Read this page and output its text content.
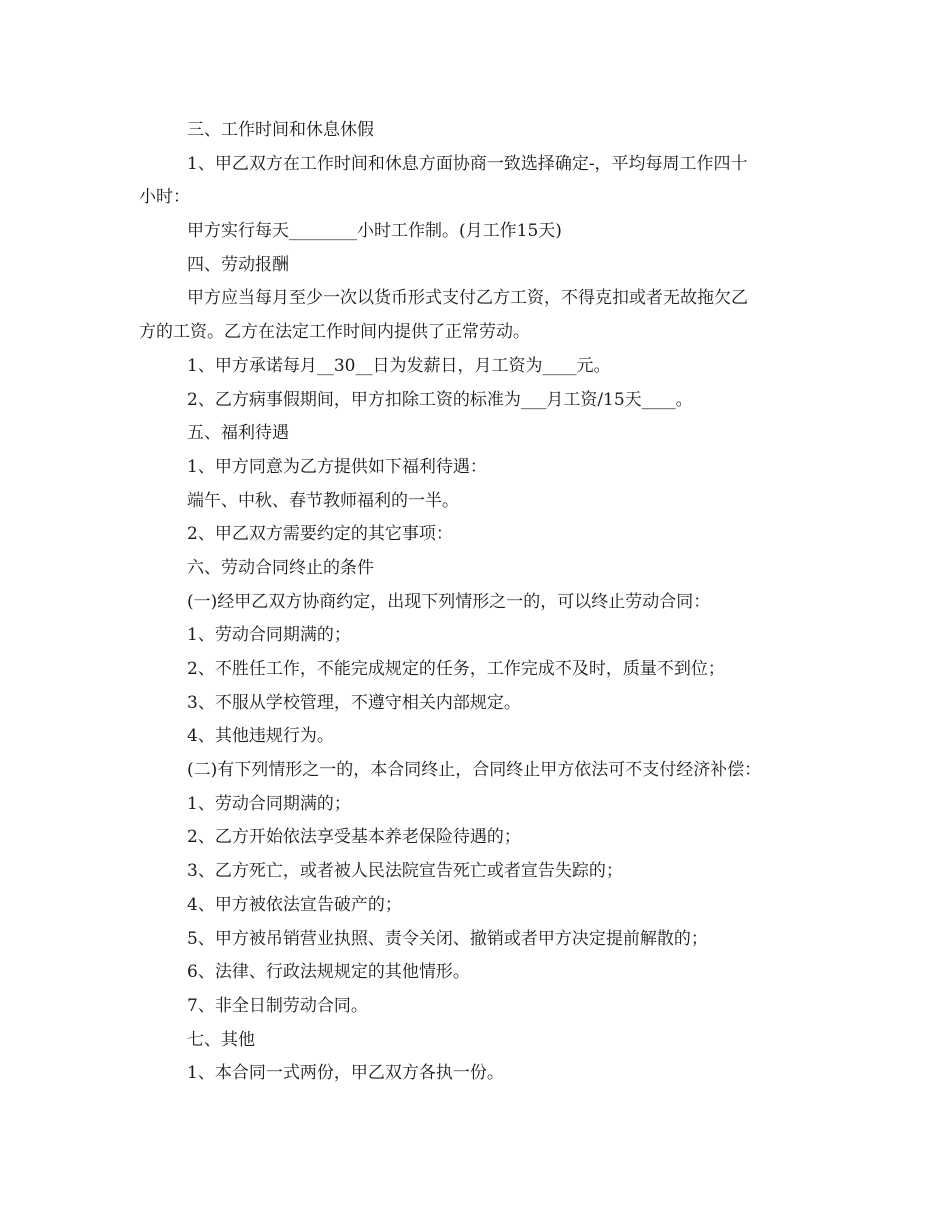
三、工作时间和休息休假
1、甲乙双方在工作时间和休息方面协商一致选择确定-，平均每周工作四十
小时：
甲方实行每天________小时工作制。(月工作15天)
四、劳动报酬
甲方应当每月至少一次以货币形式支付乙方工资，不得克扣或者无故拖欠乙
方的工资。乙方在法定工作时间内提供了正常劳动。
1、甲方承诺每月__30__日为发薪日，月工资为____元。
2、乙方病事假期间，甲方扣除工资的标准为___月工资/15天____。
五、福利待遇
1、甲方同意为乙方提供如下福利待遇：
端午、中秋、春节教师福利的一半。
2、甲乙双方需要约定的其它事项：
六、劳动合同终止的条件
(一)经甲乙双方协商约定，出现下列情形之一的，可以终止劳动合同：
1、劳动合同期满的；
2、不胜任工作，不能完成规定的任务，工作完成不及时，质量不到位；
3、不服从学校管理，不遵守相关内部规定。
4、其他违规行为。
(二)有下列情形之一的，本合同终止，合同终止甲方依法可不支付经济补偿：
1、劳动合同期满的；
2、乙方开始依法享受基本养老保险待遇的；
3、乙方死亡，或者被人民法院宣告死亡或者宣告失踪的；
4、甲方被依法宣告破产的；
5、甲方被吊销营业执照、责令关闭、撤销或者甲方决定提前解散的；
6、法律、行政法规规定的其他情形。
7、非全日制劳动合同。
七、其他
1、本合同一式两份，甲乙双方各执一份。
